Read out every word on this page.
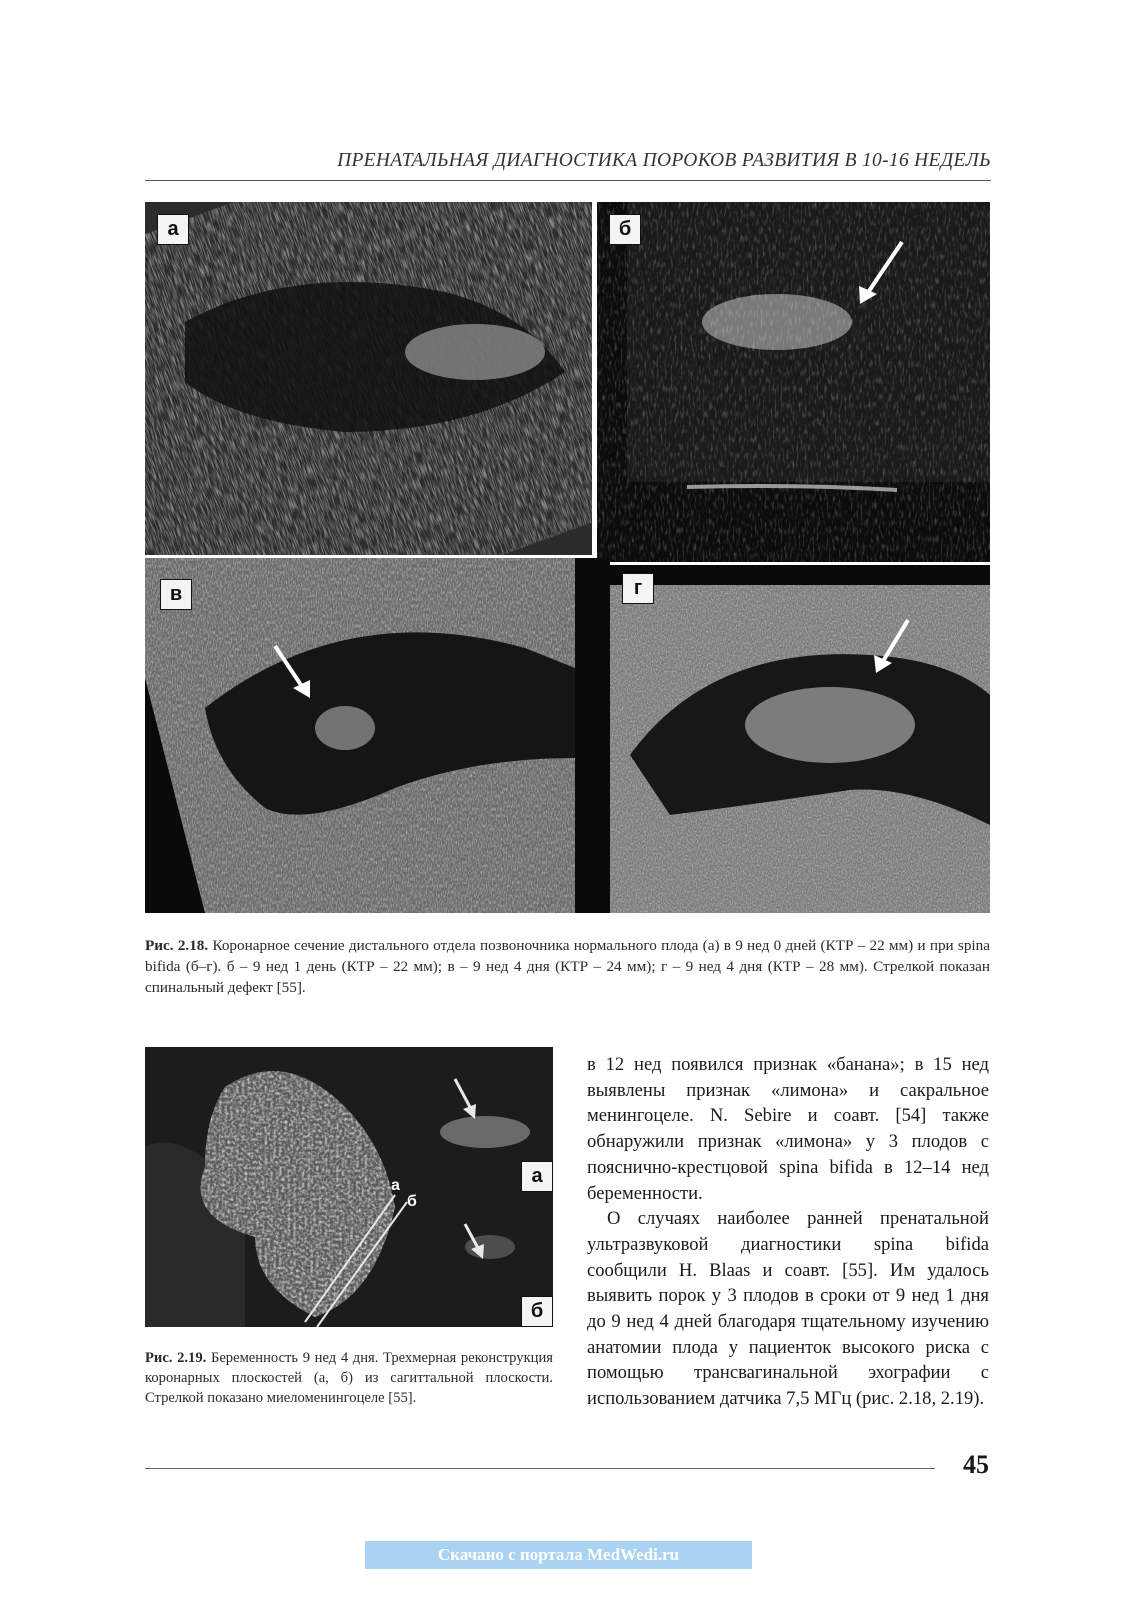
ПРЕНАТАЛЬНАЯ ДИАГНОСТИКА ПОРОКОВ РАЗВИТИЯ В 10-16 НЕДЕЛЬ
а	б
в	г
Рис. 2.18. Коронарное сечение дистального отдела позвоночника нормального плода (а) в 9 нед 0 дней (КТР – 22 мм) и при spina bifida (б–г). б – 9 нед 1 день (КТР – 22 мм); в – 9 нед 4 дня (КТР – 24 мм); г – 9 нед 4 дня (КТР – 28 мм). Стрелкой показан спинальный дефект [55].
а
б
а
б
Рис. 2.19. Беременность 9 нед 4 дня. Трехмерная реконструкция коронарных плоскостей (а, б) из сагиттальной плоскости. Стрелкой показано миеломенингоцеле [55].

в 12 нед появился признак «банана»; в 15 нед выявлены признак «лимона» и сакральное менингоцеле. N. Sebire и соавт. [54] также обнаружили признак «лимона» у 3 плодов с пояснично-крестцовой spina bifida в 12–14 нед беременности.

О случаях наиболее ранней пренатальной ультразвуковой диагностики spina bifida сообщили H. Blaas и соавт. [55]. Им удалось выявить порок у 3 плодов в сроки от 9 нед 1 дня до 9 нед 4 дней благодаря тщательному изучению анатомии плода у пациенток высокого риска с помощью трансвагинальной эхографии с использованием датчика 7,5 МГц (рис. 2.18, 2.19).

45
Скачано с портала MedWedi.ru
